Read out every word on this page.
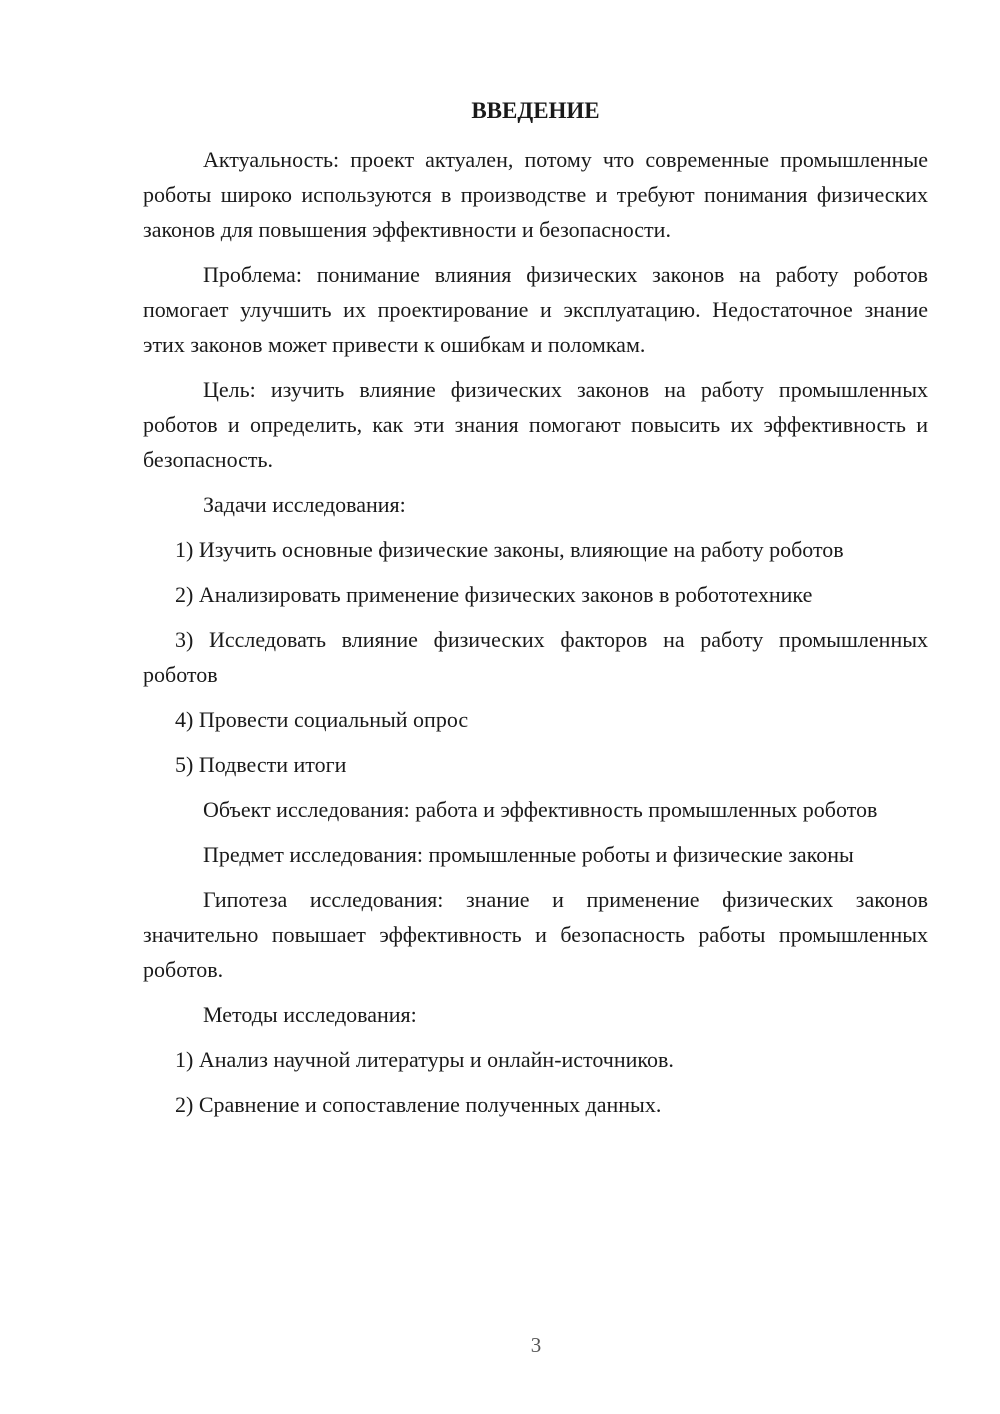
ВВЕДЕНИЕ

Актуальность: проект актуален, потому что современные промышленные роботы широко используются в производстве и требуют понимания физических законов для повышения эффективности и безопасности.

Проблема: понимание влияния физических законов на работу роботов помогает улучшить их проектирование и эксплуатацию. Недостаточное знание этих законов может привести к ошибкам и поломкам.

Цель: изучить влияние физических законов на работу промышленных роботов и определить, как эти знания помогают повысить их эффективность и безопасность.

Задачи исследования:

1) Изучить основные физические законы, влияющие на работу роботов

2) Анализировать применение физических законов в робототехнике

3) Исследовать влияние физических факторов на работу промышленных роботов

4) Провести социальный опрос

5) Подвести итоги

Объект исследования: работа и эффективность промышленных роботов

Предмет исследования: промышленные роботы и физические законы

Гипотеза исследования: знание и применение физических законов значительно повышает эффективность и безопасность работы промышленных роботов.

Методы исследования:

1) Анализ научной литературы и онлайн-источников.

2) Сравнение и сопоставление полученных данных.

3
